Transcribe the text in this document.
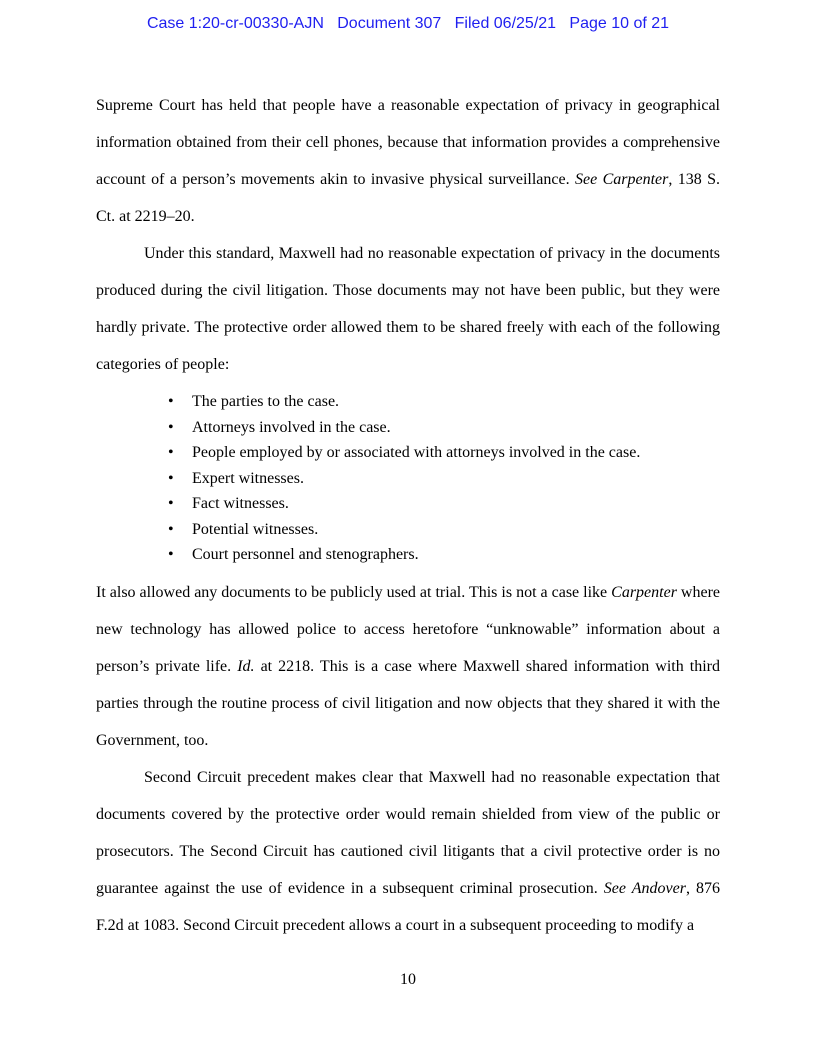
Case 1:20-cr-00330-AJN Document 307 Filed 06/25/21 Page 10 of 21

Supreme Court has held that people have a reasonable expectation of privacy in geographical information obtained from their cell phones, because that information provides a comprehensive account of a person’s movements akin to invasive physical surveillance. See Carpenter, 138 S. Ct. at 2219–20.

Under this standard, Maxwell had no reasonable expectation of privacy in the documents produced during the civil litigation. Those documents may not have been public, but they were hardly private. The protective order allowed them to be shared freely with each of the following categories of people:

• The parties to the case.
• Attorneys involved in the case.
• People employed by or associated with attorneys involved in the case.
• Expert witnesses.
• Fact witnesses.
• Potential witnesses.
• Court personnel and stenographers.

It also allowed any documents to be publicly used at trial. This is not a case like Carpenter where new technology has allowed police to access heretofore “unknowable” information about a person’s private life. Id. at 2218. This is a case where Maxwell shared information with third parties through the routine process of civil litigation and now objects that they shared it with the Government, too.

Second Circuit precedent makes clear that Maxwell had no reasonable expectation that documents covered by the protective order would remain shielded from view of the public or prosecutors. The Second Circuit has cautioned civil litigants that a civil protective order is no guarantee against the use of evidence in a subsequent criminal prosecution. See Andover, 876 F.2d at 1083. Second Circuit precedent allows a court in a subsequent proceeding to modify a

10
